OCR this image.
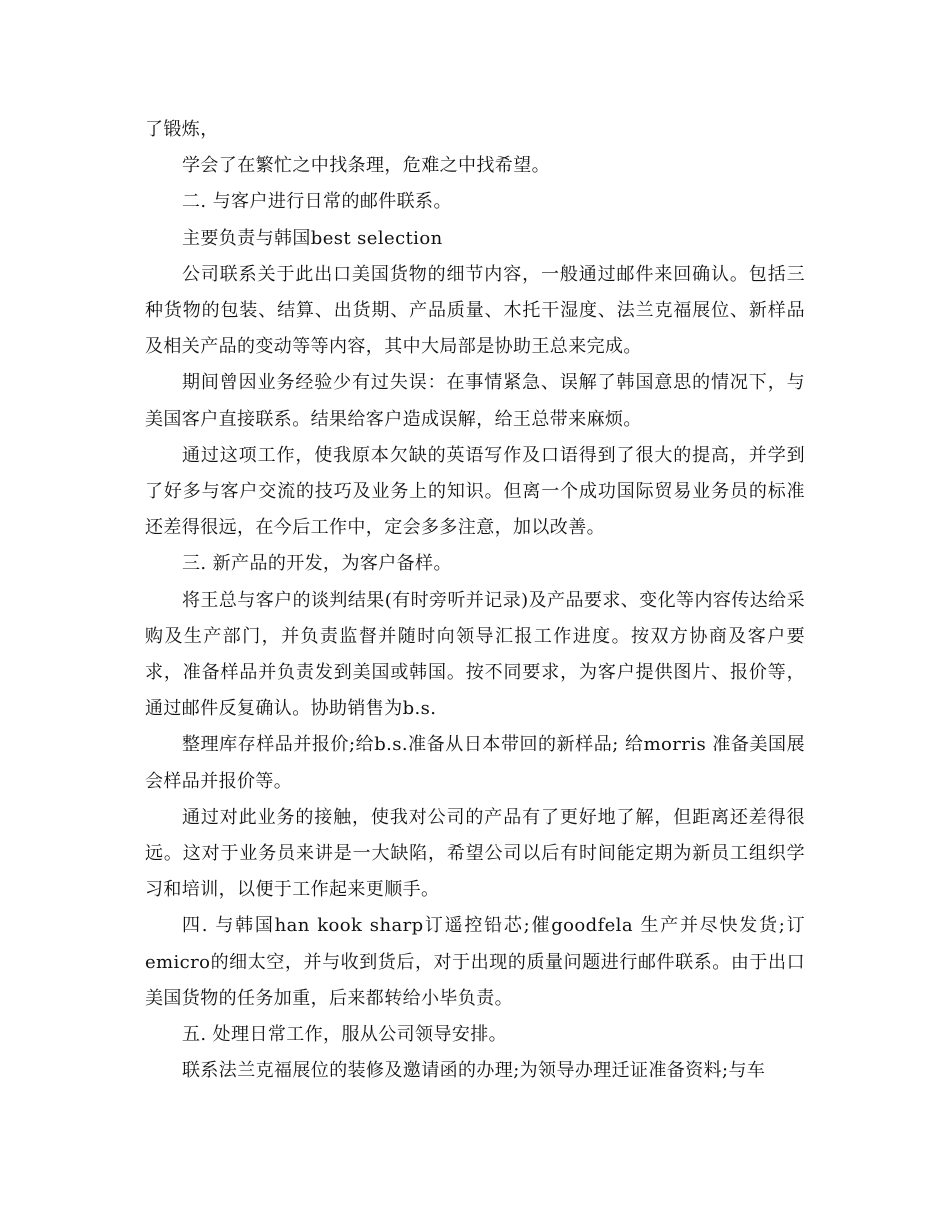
了锻炼，

学会了在繁忙之中找条理，危难之中找希望。

二. 与客户进行日常的邮件联系。

主要负责与韩国best selection

公司联系关于此出口美国货物的细节内容，一般通过邮件来回确认。包括三种货物的包装、结算、出货期、产品质量、木托干湿度、法兰克福展位、新样品及相关产品的变动等等内容，其中大局部是协助王总来完成。

期间曾因业务经验少有过失误：在事情紧急、误解了韩国意思的情况下，与美国客户直接联系。结果给客户造成误解，给王总带来麻烦。

通过这项工作，使我原本欠缺的英语写作及口语得到了很大的提高，并学到了好多与客户交流的技巧及业务上的知识。但离一个成功国际贸易业务员的标准还差得很远，在今后工作中，定会多多注意，加以改善。

三. 新产品的开发，为客户备样。

将王总与客户的谈判结果(有时旁听并记录)及产品要求、变化等内容传达给采购及生产部门，并负责监督并随时向领导汇报工作进度。按双方协商及客户要求，准备样品并负责发到美国或韩国。按不同要求，为客户提供图片、报价等，通过邮件反复确认。协助销售为b.s.

整理库存样品并报价;给b.s.准备从日本带回的新样品; 给morris 准备美国展会样品并报价等。

通过对此业务的接触，使我对公司的产品有了更好地了解，但距离还差得很远。这对于业务员来讲是一大缺陷，希望公司以后有时间能定期为新员工组织学习和培训，以便于工作起来更顺手。

四. 与韩国han kook sharp订遥控铅芯;催goodfela 生产并尽快发货;订emicro的细太空，并与收到货后，对于出现的质量问题进行邮件联系。由于出口美国货物的任务加重，后来都转给小毕负责。

五. 处理日常工作，服从公司领导安排。

联系法兰克福展位的装修及邀请函的办理;为领导办理迁证准备资料;与车
